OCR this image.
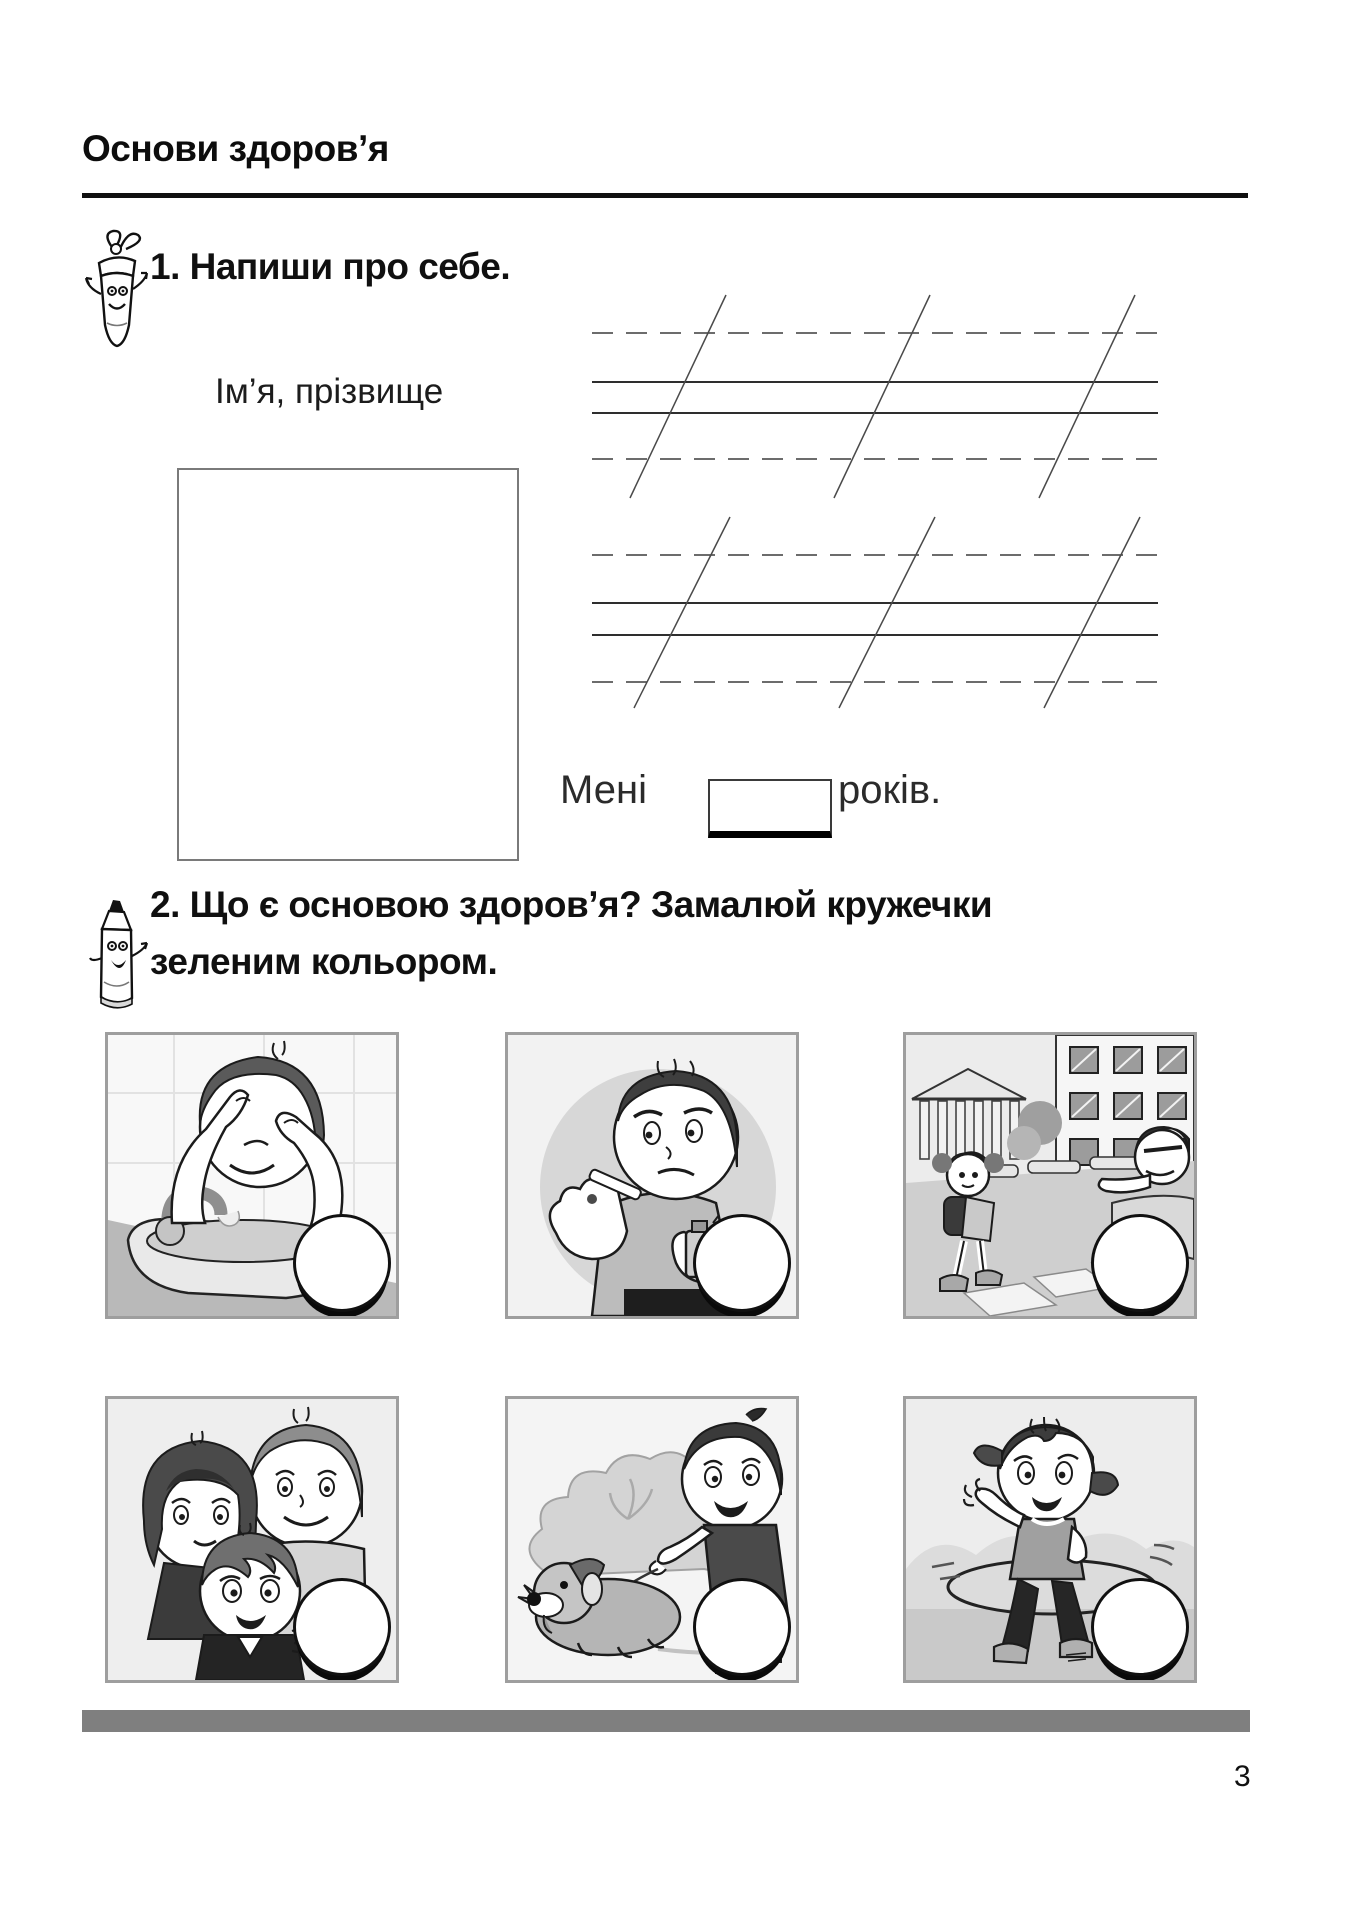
Основи здоров’я
1. Напиши про себе.
Ім’я, прізвище
Мені	років.
2. Що є основою здоров’я? Замалюй кружечки
зеленим кольором.
3
